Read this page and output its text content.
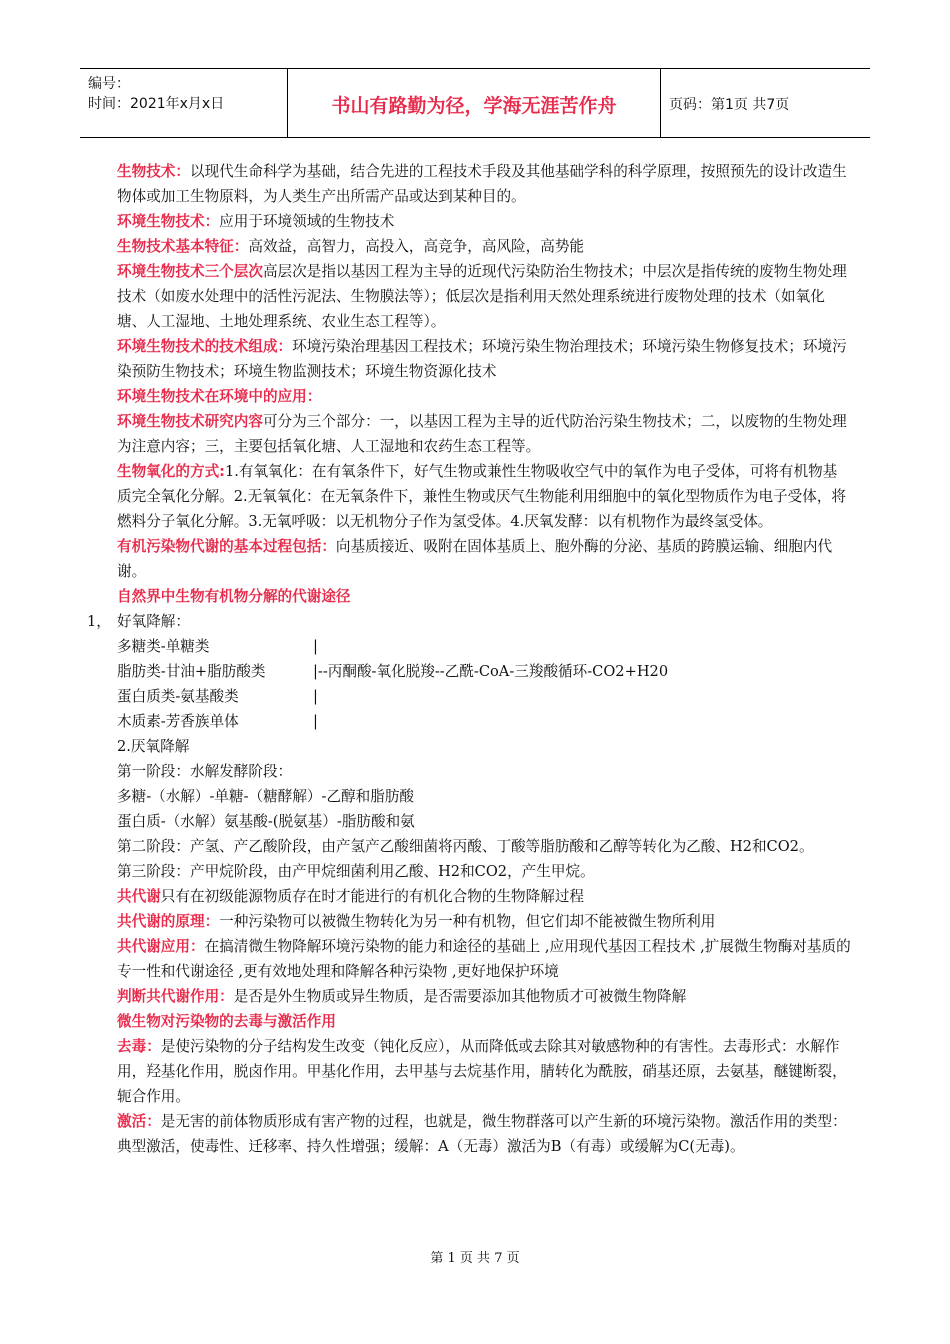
编号：
时间：2021年x月x日	书山有路勤为径，学海无涯苦作舟	页码：第1页 共7页

生物技术：以现代生命科学为基础，结合先进的工程技术手段及其他基础学科的科学原理，按照预先的设计改造生物体或加工生物原料，为人类生产出所需产品或达到某种目的。

环境生物技术：应用于环境领域的生物技术

生物技术基本特征：高效益，高智力，高投入，高竞争，高风险，高势能

环境生物技术三个层次高层次是指以基因工程为主导的近现代污染防治生物技术；中层次是指传统的废物生物处理技术（如废水处理中的活性污泥法、生物膜法等）；低层次是指利用天然处理系统进行废物处理的技术（如氧化塘、人工湿地、土地处理系统、农业生态工程等）。

环境生物技术的技术组成：环境污染治理基因工程技术；环境污染生物治理技术；环境污染生物修复技术；环境污染预防生物技术；环境生物监测技术；环境生物资源化技术

环境生物技术在环境中的应用：

环境生物技术研究内容可分为三个部分：一，以基因工程为主导的近代防治污染生物技术；二，以废物的生物处理为注意内容；三，主要包括氧化塘、人工湿地和农药生态工程等。

生物氧化的方式:1.有氧氧化：在有氧条件下，好气生物或兼性生物吸收空气中的氧作为电子受体，可将有机物基质完全氧化分解。2.无氧氧化：在无氧条件下，兼性生物或厌气生物能利用细胞中的氧化型物质作为电子受体，将燃料分子氧化分解。3.无氧呼吸：以无机物分子作为氢受体。4.厌氧发酵：以有机物作为最终氢受体。

有机污染物代谢的基本过程包括：向基质接近、吸附在固体基质上、胞外酶的分泌、基质的跨膜运输、细胞内代谢。

自然界中生物有机物分解的代谢途径

1， 好氧降解：

多糖类-单糖类	|
脂肪类-甘油+脂肪酸类	|--丙酮酸-氧化脱羧--乙酰-CoA-三羧酸循环-CO2+H20
蛋白质类-氨基酸类	|
木质素-芳香族单体	|

2.厌氧降解

第一阶段：水解发酵阶段：

多糖-（水解）-单糖-（糖酵解）-乙醇和脂肪酸

蛋白质-（水解）氨基酸-(脱氨基）-脂肪酸和氨

第二阶段：产氢、产乙酸阶段，由产氢产乙酸细菌将丙酸、丁酸等脂肪酸和乙醇等转化为乙酸、H2和CO2。

第三阶段：产甲烷阶段，由产甲烷细菌利用乙酸、H2和CO2，产生甲烷。

共代谢只有在初级能源物质存在时才能进行的有机化合物的生物降解过程

共代谢的原理：一种污染物可以被微生物转化为另一种有机物，但它们却不能被微生物所利用

共代谢应用：在搞清微生物降解环境污染物的能力和途径的基础上 ,应用现代基因工程技术 ,扩展微生物酶对基质的专一性和代谢途径 ,更有效地处理和降解各种污染物 ,更好地保护环境

判断共代谢作用：是否是外生物质或异生物质，是否需要添加其他物质才可被微生物降解

微生物对污染物的去毒与激活作用

去毒：是使污染物的分子结构发生改变（钝化反应），从而降低或去除其对敏感物种的有害性。去毒形式：水解作用，羟基化作用，脱卤作用。甲基化作用，去甲基与去烷基作用，腈转化为酰胺，硝基还原，去氨基，醚键断裂，轭合作用。

激活：是无害的前体物质形成有害产物的过程，也就是，微生物群落可以产生新的环境污染物。激活作用的类型：典型激活，使毒性、迁移率、持久性增强；缓解：A（无毒）激活为B（有毒）或缓解为C(无毒)。

第 1 页 共 7 页
